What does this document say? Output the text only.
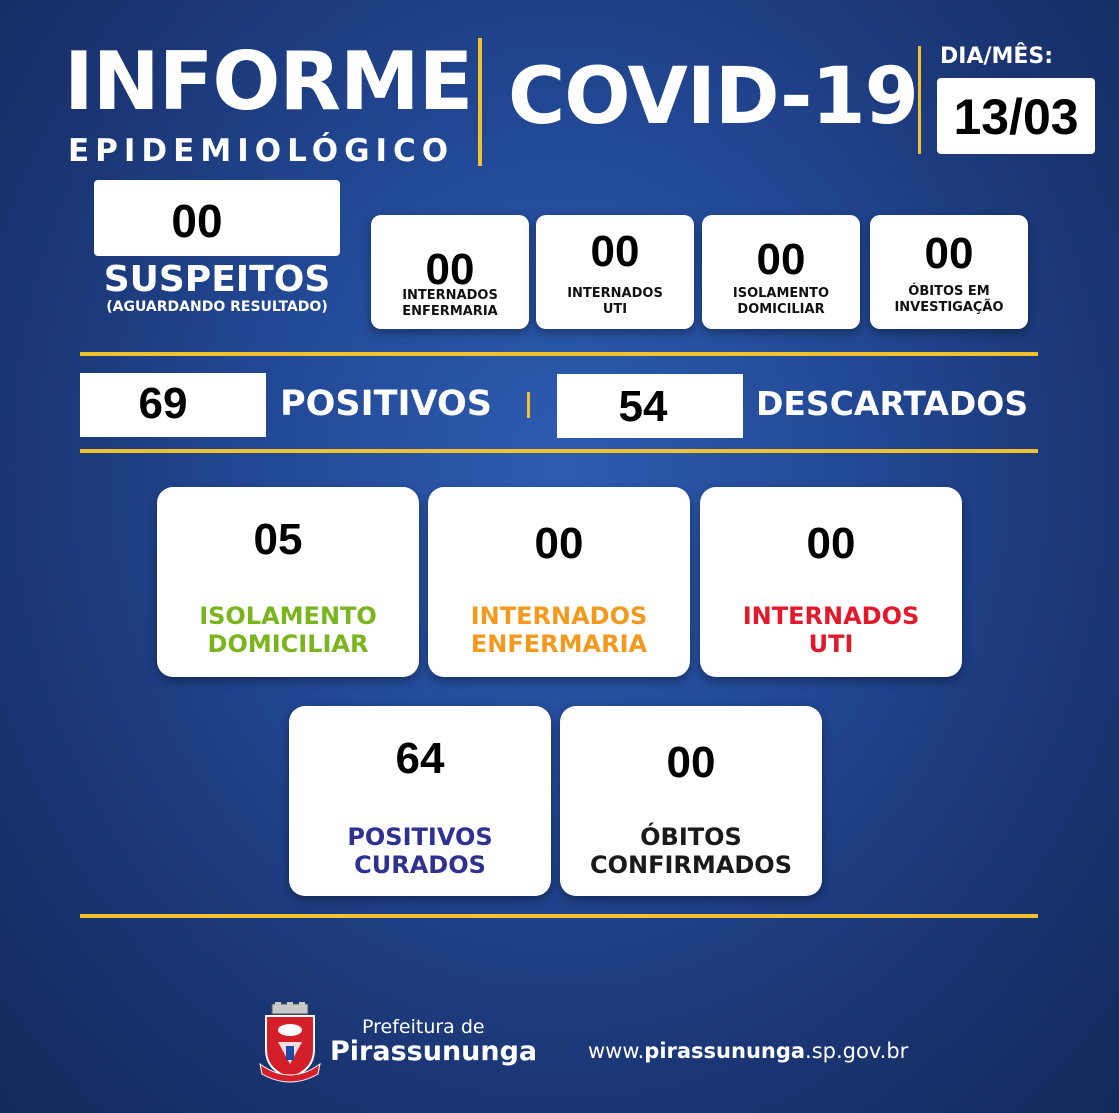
INFORME
EPIDEMIOLÓGICO
COVID-19 DIA/MÊS:
13/03
00
SUSPEITOS
(AGUARDANDO RESULTADO)
00
INTERNADOS
ENFERMARIA
00
INTERNADOS
UTI
00
ISOLAMENTO
DOMICILIAR
00
ÓBITOS EM
INVESTIGAÇÃO
69	POSITIVOS	54	DESCARTADOS
05
ISOLAMENTO
DOMICILIAR
00
INTERNADOS
ENFERMARIA
00
INTERNADOS
UTI
64
POSITIVOS
CURADOS
00
ÓBITOS
CONFIRMADOS
Prefeitura de
Pirassununga www.pirassununga.sp.gov.br
